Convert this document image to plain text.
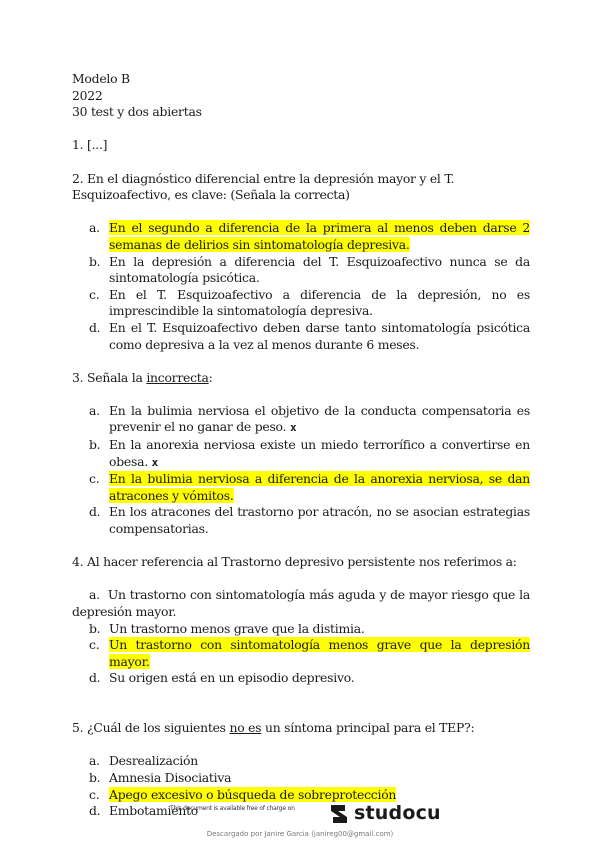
Modelo B
2022
30 test y dos abiertas

1. [...]

2. En el diagnóstico diferencial entre la depresión mayor y el T. Esquizoafectivo, es clave: (Señala la correcta)

a. En el segundo a diferencia de la primera al menos deben darse 2 semanas de delirios sin sintomatología depresiva.
b. En la depresión a diferencia del T. Esquizoafectivo nunca se da sintomatología psicótica.
c. En el T. Esquizoafectivo a diferencia de la depresión, no es imprescindible la sintomatología depresiva.
d. En el T. Esquizoafectivo deben darse tanto sintomatología psicótica como depresiva a la vez al menos durante 6 meses.

3. Señala la incorrecta:

a. En la bulimia nerviosa el objetivo de la conducta compensatoria es prevenir el no ganar de peso. x
b. En la anorexia nerviosa existe un miedo terrorífico a convertirse en obesa. x
c. En la bulimia nerviosa a diferencia de la anorexia nerviosa, se dan atracones y vómitos.
d. En los atracones del trastorno por atracón, no se asocian estrategias compensatorias.

4. Al hacer referencia al Trastorno depresivo persistente nos referimos a:

a. Un trastorno con sintomatología más aguda y de mayor riesgo que la depresión mayor.
b. Un trastorno menos grave que la distimia.
c. Un trastorno con sintomatología menos grave que la depresión mayor.
d. Su origen está en un episodio depresivo.

5. ¿Cuál de los siguientes no es un síntoma principal para el TEP?:

a. Desrealización
b. Amnesia Disociativa
c. Apego excesivo o búsqueda de sobreprotección
d. Embotamiento
This document is available free of charge on	studocu
Descargado por Janire Garcia (janireg00@gmail.com)
